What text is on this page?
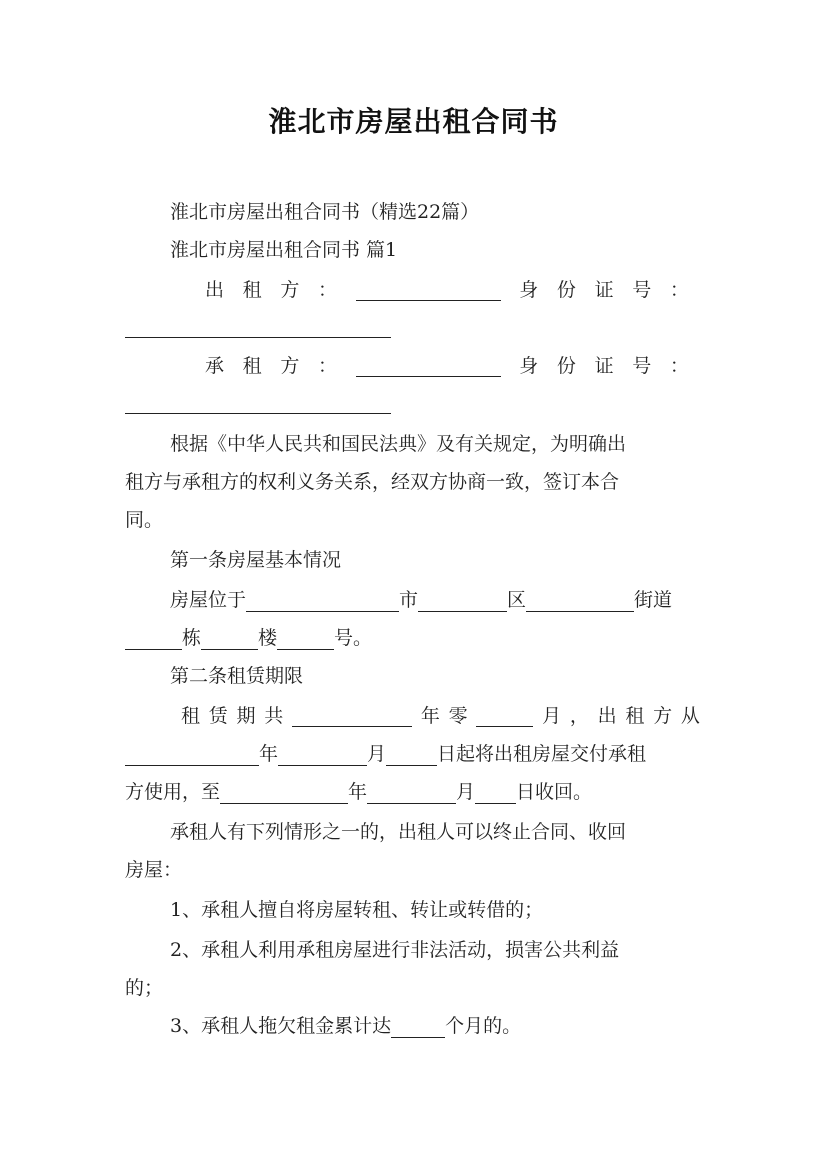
淮北市房屋出租合同书
淮北市房屋出租合同书（精选22篇）
淮北市房屋出租合同书 篇1
出 租 方 ：	身 份 证 号 ：
承 租 方 ：	身 份 证 号 ：
根据《中华人民共和国民法典》及有关规定，为明确出
租方与承租方的权利义务关系，经双方协商一致，签订本合
同。
第一条房屋基本情况
房屋位于	市	区	街道
栋	楼	号。
第二条租赁期限
租 赁 期 共	年 零	月 ， 出 租 方 从
年	月	日起将出租房屋交付承租
方使用，至	年	月 日收回。
承租人有下列情形之一的，出租人可以终止合同、收回
房屋：
1、承租人擅自将房屋转租、转让或转借的；
2、承租人利用承租房屋进行非法活动，损害公共利益
的；
3、承租人拖欠租金累计达	个月的。
